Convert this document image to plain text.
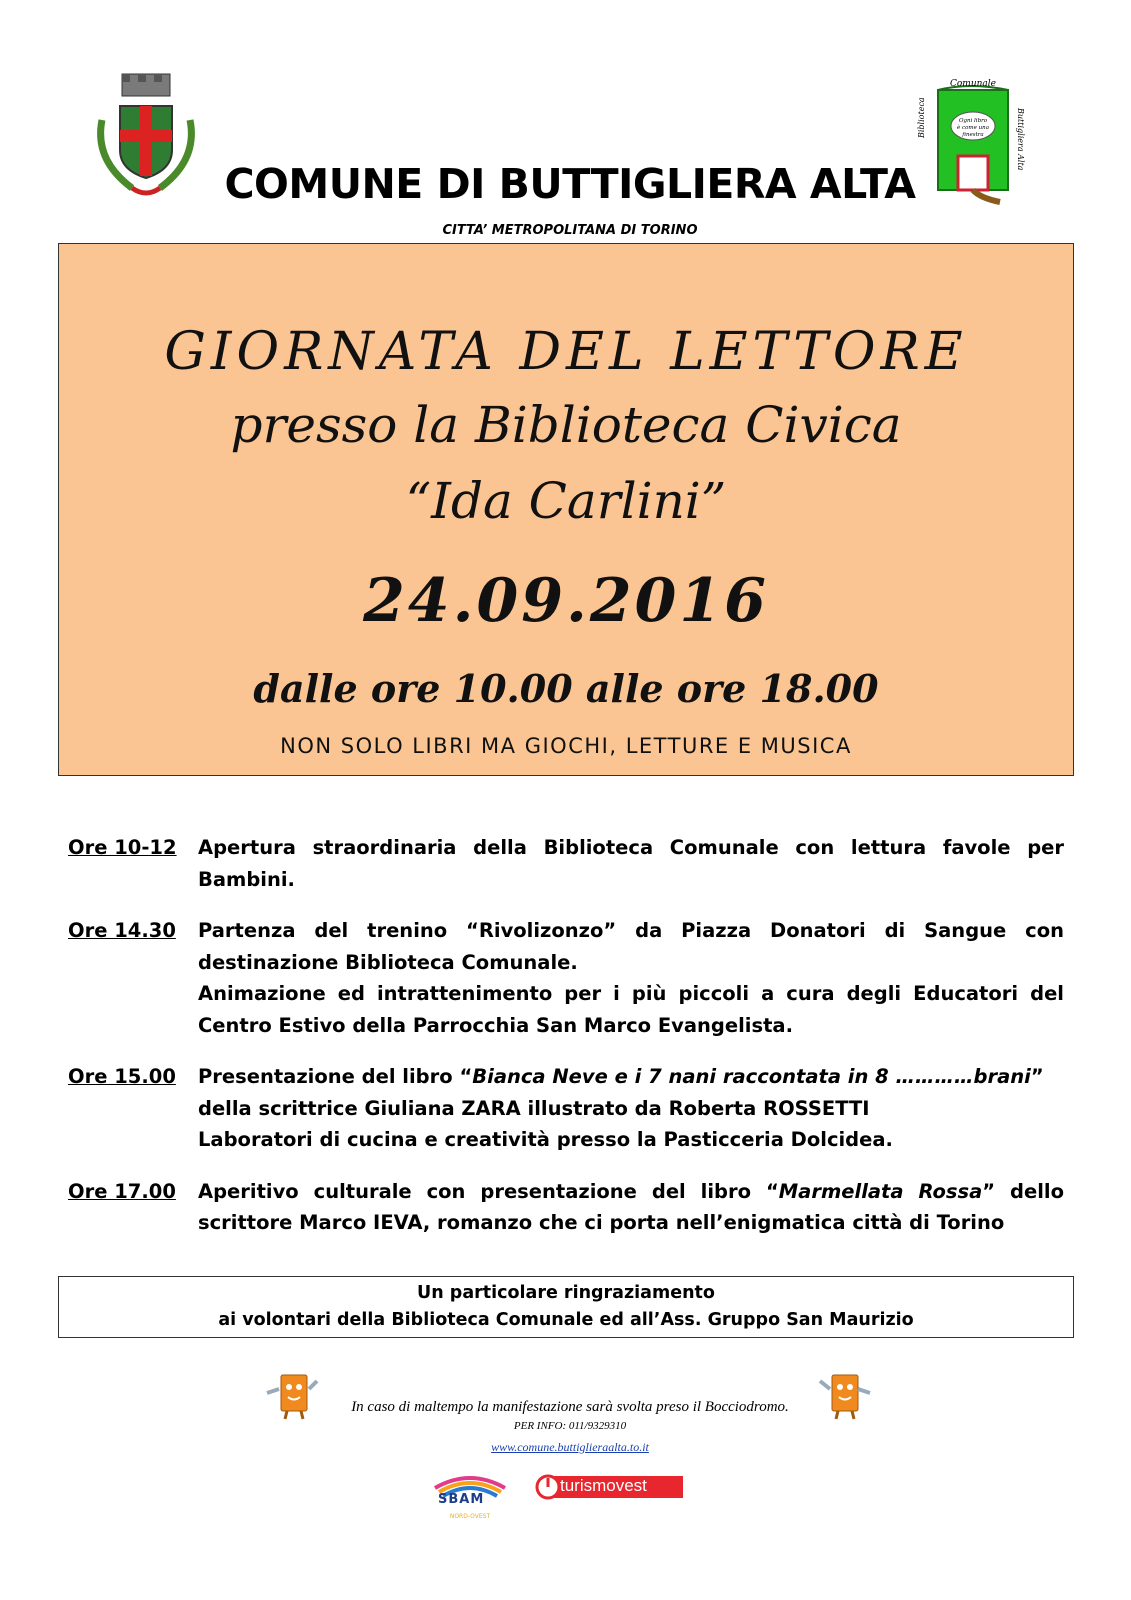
Comunale
Biblioteca	Buttigliera Alta
Ogni libro
è come una
finestra
COMUNE DI BUTTIGLIERA ALTA
CITTA’ METROPOLITANA DI TORINO
GIORNATA DEL LETTORE
presso la Biblioteca Civica
“Ida Carlini”
24.09.2016
dalle ore 10.00 alle ore 18.00
NON SOLO LIBRI MA GIOCHI, LETTURE E MUSICA
Ore 10-12	Apertura straordinaria della Biblioteca Comunale con lettura favole per Bambini.

Ore 14.30	Partenza del trenino “Rivolizonzo” da Piazza Donatori di Sangue con destinazione Biblioteca Comunale.

Animazione ed intrattenimento per i più piccoli a cura degli Educatori del Centro Estivo della Parrocchia San Marco Evangelista.

Ore 15.00	Presentazione del libro “Bianca Neve e i 7 nani raccontata in 8 …………brani”

della scrittrice Giuliana ZARA illustrato da Roberta ROSSETTI

Laboratori di cucina e creatività presso la Pasticceria Dolcidea.

Ore 17.00	Aperitivo culturale con presentazione del libro “Marmellata Rossa” dello scrittore Marco IEVA, romanzo che ci porta nell’enigmatica città di Torino

Un particolare ringraziamento
ai volontari della Biblioteca Comunale ed all’Ass. Gruppo San Maurizio
In caso di maltempo la manifestazione sarà svolta preso il Bocciodromo.
PER INFO: 011/9329310
www.comune.buttiglieraalta.to.it
NORD-OVEST
SBAM
turismovest
